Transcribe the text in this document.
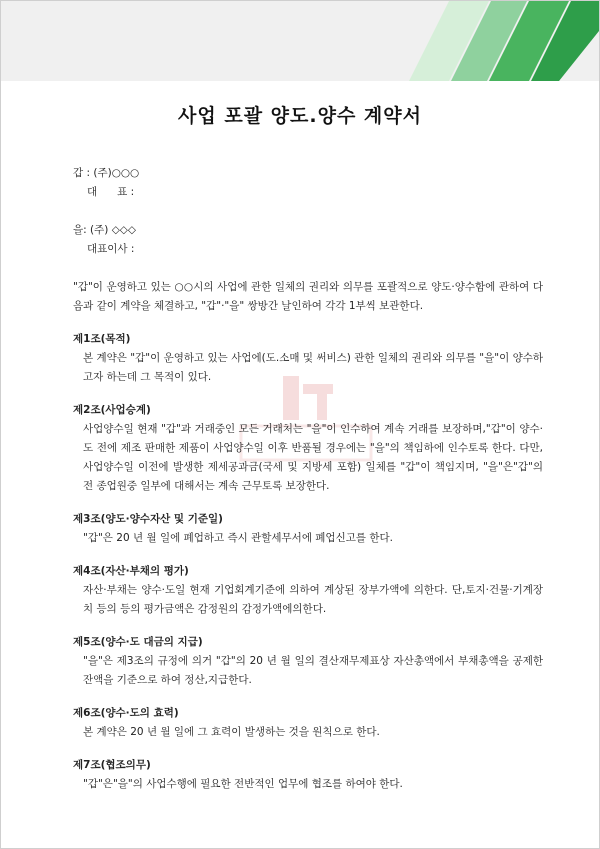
사업 포괄 양도.양수 계약서

갑 : (주)○○○

대      표 :

을: (주) ◇◇◇

대표이사 :

"갑"이 운영하고 있는 ○○시의 사업에 관한 일체의 권리와 의무를 포괄적으로 양도·양수함에 관하여 다음과 같이 계약을 체결하고, "갑"·"을" 쌍방간 날인하여 각각 1부씩 보관한다.

제1조(목적)

본 계약은 "갑"이 운영하고 있는 사업에(도.소매 및 써비스) 관한 일체의 권리와 의무를 "을"이 양수하고자 하는데 그 목적이 있다.

제2조(사업승계)

사업양수일 현재 "갑"과 거래중인 모든 거래처는 "을"이 인수하여 계속 거래를 보장하며,"갑"이 양수·도 전에 제조 판매한 제품이 사업양수일 이후 반품될 경우에는 "을"의 책임하에 인수토록 한다. 다만, 사업양수일 이전에 발생한 제세공과금(국세 및 지방세 포함) 일체를 "갑"이 책임지며, "을"은"갑"의 전 종업원중 일부에 대해서는 계속 근무토록 보장한다.

제3조(양도·양수자산 및 기준일)

"갑"은 20 년 월 일에 폐업하고 즉시 관할세무서에 폐업신고를 한다.

제4조(자산·부채의 평가)

자산·부채는 양수·도일 현재 기업회계기준에 의하여 계상된 장부가액에 의한다. 단,토지·건물·기계장치 등의 등의 평가금액은 감정원의 감정가액에의한다.

제5조(양수·도 대금의 지급)

"을"은 제3조의 규정에 의거 "갑"의 20 년 월 일의 결산재무제표상 자산총액에서 부채총액을 공제한 잔액을 기준으로 하여 정산,지급한다.

제6조(양수·도의 효력)

본 계약은 20 년 월 일에 그 효력이 발생하는 것을 원칙으로 한다.

제7조(협조의무)

"갑"은"을"의 사업수행에 필요한 전반적인 업무에 협조를 하여야 한다.
